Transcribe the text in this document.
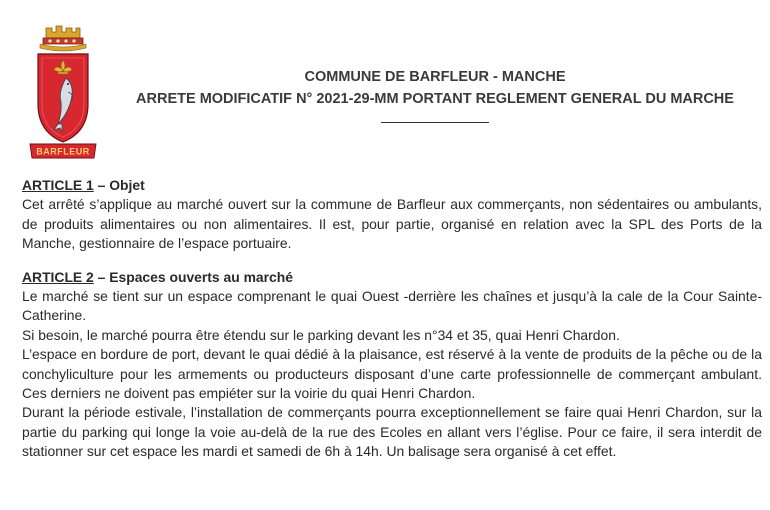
BARFLEUR
COMMUNE DE BARFLEUR - MANCHE
ARRETE MODIFICATIF N° 2021-29-MM PORTANT REGLEMENT GENERAL DU MARCHE
ARTICLE 1 – Objet

Cet arrêté s’applique au marché ouvert sur la commune de Barfleur aux commerçants, non sédentaires ou ambulants, de produits alimentaires ou non alimentaires. Il est, pour partie, organisé en relation avec la SPL des Ports de la Manche, gestionnaire de l’espace portuaire.

ARTICLE 2 – Espaces ouverts au marché

Le marché se tient sur un espace comprenant le quai Ouest -derrière les chaînes et jusqu’à la cale de la Cour Sainte-Catherine.

Si besoin, le marché pourra être étendu sur le parking devant les n°34 et 35, quai Henri Chardon.

L’espace en bordure de port, devant le quai dédié à la plaisance, est réservé à la vente de produits de la pêche ou de la conchyliculture pour les armements ou producteurs disposant d’une carte professionnelle de commerçant ambulant. Ces derniers ne doivent pas empiéter sur la voirie du quai Henri Chardon.

Durant la période estivale, l’installation de commerçants pourra exceptionnellement se faire quai Henri Chardon, sur la partie du parking qui longe la voie au-delà de la rue des Ecoles en allant vers l’église. Pour ce faire, il sera interdit de stationner sur cet espace les mardi et samedi de 6h à 14h. Un balisage sera organisé à cet effet.
